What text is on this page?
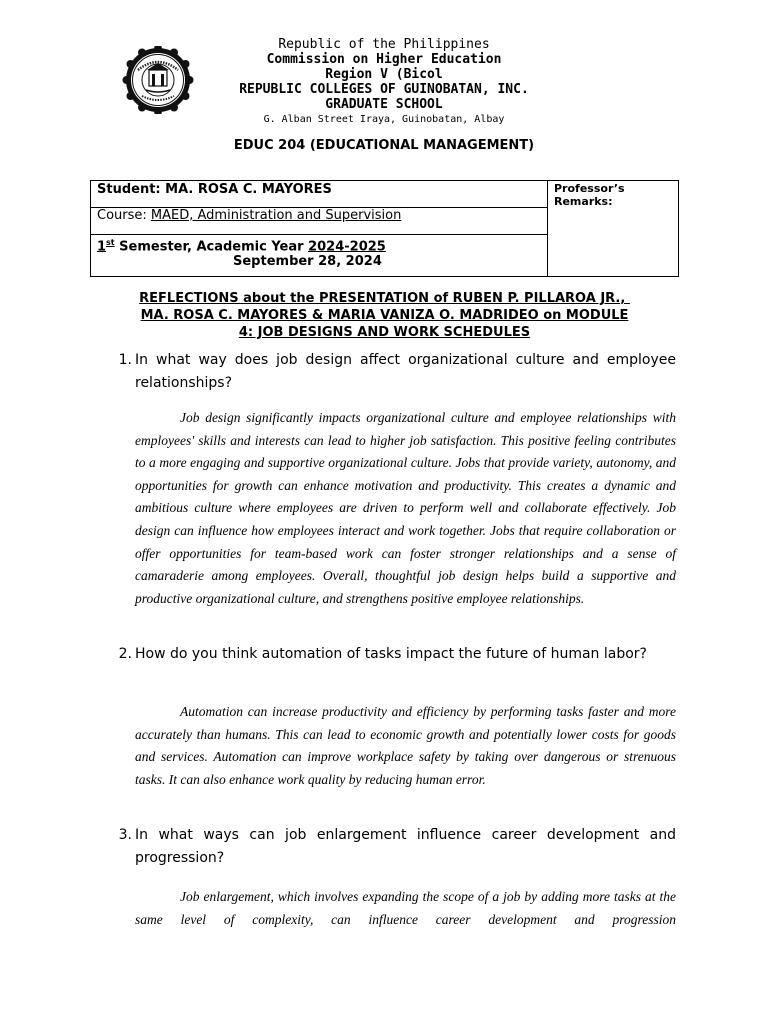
Republic of the Philippines
Commission on Higher Education
Region V (Bicol
REPUBLIC COLLEGES OF GUINOBATAN, INC.
GRADUATE SCHOOL
G. Alban Street Iraya, Guinobatan, Albay
EDUC 204 (EDUCATIONAL MANAGEMENT)
Student: MA. ROSA C. MAYORES	Professor’s
Remarks:

Course: MAED, Administration and Supervision

1st Semester, Academic Year 2024-2025
September 28, 2024
REFLECTIONS about the PRESENTATION of RUBEN P. PILLAROA JR.,
MA. ROSA C. MAYORES & MARIA VANIZA O. MADRIDEO on MODULE
4: JOB DESIGNS AND WORK SCHEDULES
1. In what way does job design affect organizational culture and employee relationships?
Job design significantly impacts organizational culture and employee relationships with employees' skills and interests can lead to higher job satisfaction. This positive feeling contributes to a more engaging and supportive organizational culture. Jobs that provide variety, autonomy, and opportunities for growth can enhance motivation and productivity. This creates a dynamic and ambitious culture where employees are driven to perform well and collaborate effectively. Job design can influence how employees interact and work together. Jobs that require collaboration or offer opportunities for team-based work can foster stronger relationships and a sense of camaraderie among employees. Overall, thoughtful job design helps build a supportive and productive organizational culture, and strengthens positive employee relationships.
2. How do you think automation of tasks impact the future of human labor?
Automation can increase productivity and efficiency by performing tasks faster and more accurately than humans. This can lead to economic growth and potentially lower costs for goods and services. Automation can improve workplace safety by taking over dangerous or strenuous tasks. It can also enhance work quality by reducing human error.
3. In what ways can job enlargement influence career development and progression?
Job enlargement, which involves expanding the scope of a job by adding more tasks at the same level of complexity, can influence career development and progression
